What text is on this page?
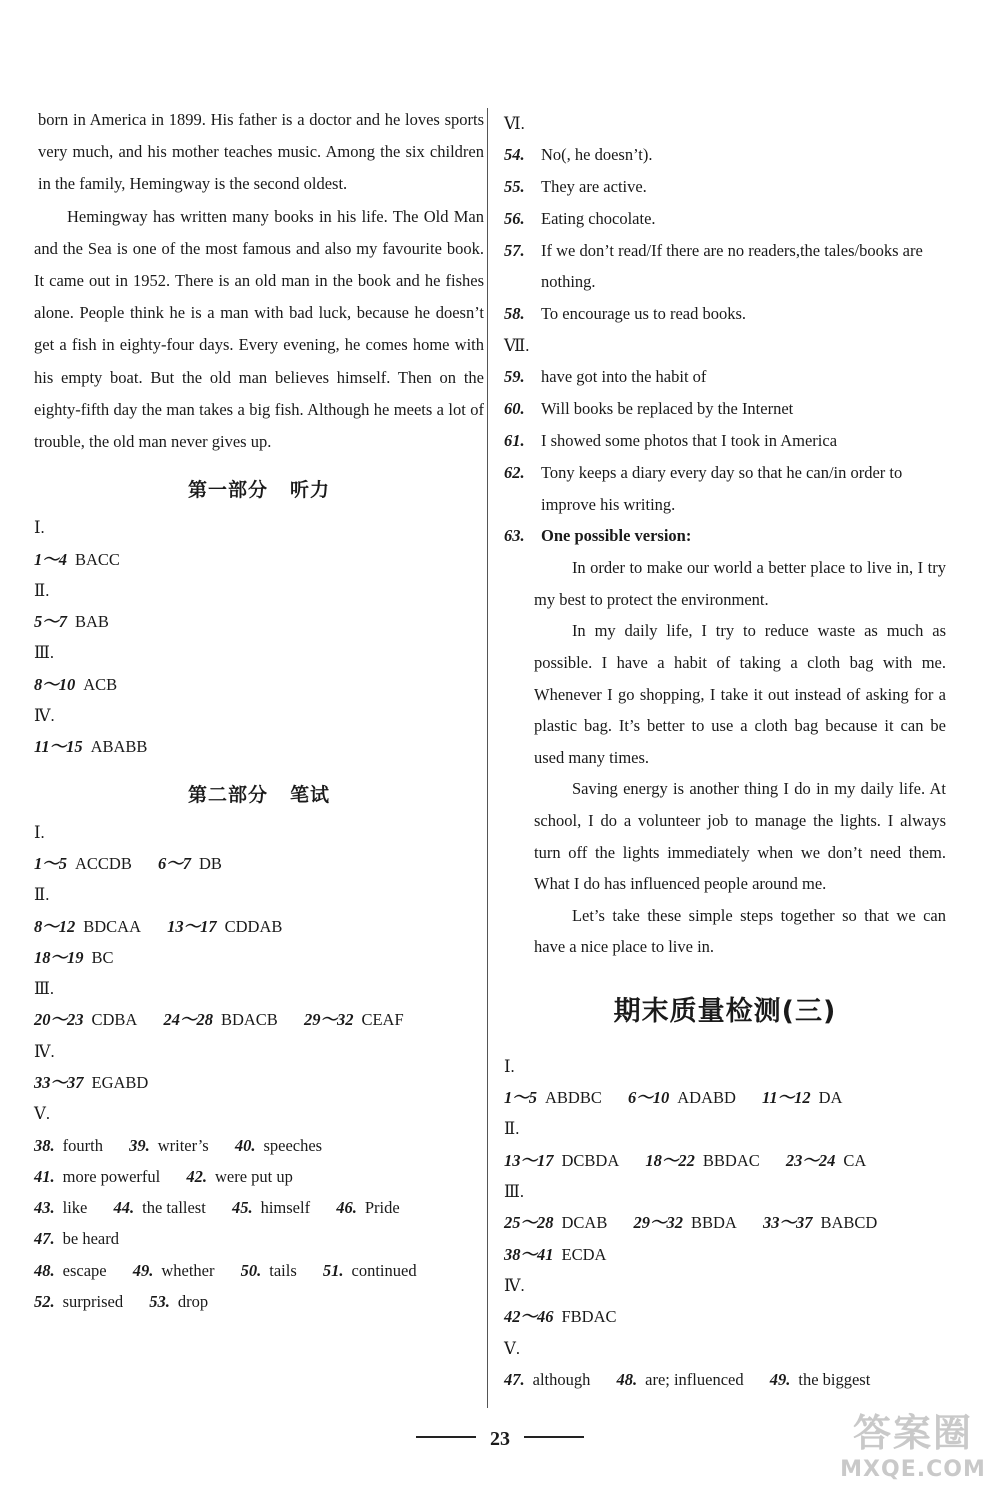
born in America in 1899. His father is a doctor and he loves sports very much, and his mother teaches music. Among the six children in the family, Hemingway is the second oldest.

Hemingway has written many books in his life. The Old Man and the Sea is one of the most famous and also my favourite book. It came out in 1952. There is an old man in the book and he fishes alone. People think he is a man with bad luck, because he doesn’t get a fish in eighty-four days. Every evening, he comes home with his empty boat. But the old man believes himself. Then on the eighty-fifth day the man takes a big fish. Although he meets a lot of trouble, the old man never gives up.

第一部分 听力
Ⅰ.
1～4 BACC
Ⅱ.
5～7 BAB
Ⅲ.
8～10 ACB
Ⅳ.
11～15 ABABB
第二部分 笔试
Ⅰ.
1～5 ACCDB 6～7 DB
Ⅱ.
8～12 BDCAA 13～17 CDDAB
18～19 BC
Ⅲ.
20～23 CDBA 24～28 BDACB 29～32 CEAF
Ⅳ.
33～37 EGABD
Ⅴ.
38. fourth 39. writer’s 40. speeches
41. more powerful 42. were put up
43. like 44. the tallest 45. himself 46. Pride
47. be heard
48. escape 49. whether 50. tails 51. continued
52. surprised 53. drop
Ⅵ.
54. No(, he doesn’t).
55. They are active.
56. Eating chocolate.
57. If we don’t read/If there are no readers,the tales/books are nothing.
58. To encourage us to read books.
Ⅶ.
59. have got into the habit of
60. Will books be replaced by the Internet
61. I showed some photos that I took in America
62. Tony keeps a diary every day so that he can/in order to improve his writing.
63. One possible version:

In order to make our world a better place to live in, I try my best to protect the environment.

In my daily life, I try to reduce waste as much as possible. I have a habit of taking a cloth bag with me. Whenever I go shopping, I take it out instead of asking for a plastic bag. It’s better to use a cloth bag because it can be used many times.

Saving energy is another thing I do in my daily life. At school, I do a volunteer job to manage the lights. I always turn off the lights immediately when we don’t need them. What I do has influenced people around me.

Let’s take these simple steps together so that we can have a nice place to live in.

期末质量检测(三)
Ⅰ.
1～5 ABDBC 6～10 ADABD 11～12 DA
Ⅱ.
13～17 DCBDA 18～22 BBDAC 23～24 CA
Ⅲ.
25～28 DCAB 29～32 BBDA 33～37 BABCD
38～41 ECDA
Ⅳ.
42～46 FBDAC
Ⅴ.
47. although 48. are; influenced 49. the biggest
23	答案圈
MXQE.COM
